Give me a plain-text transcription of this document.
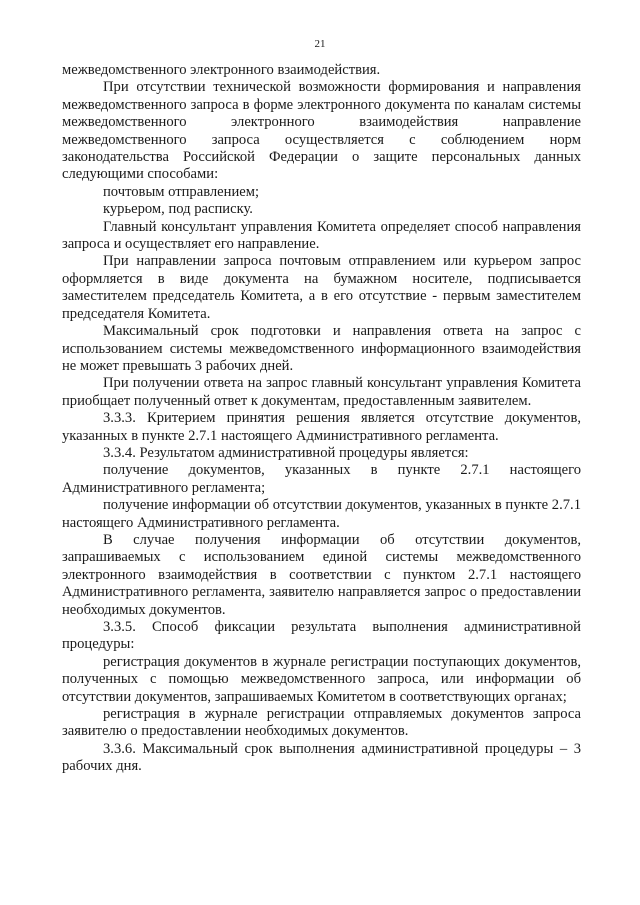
21

межведомственного электронного взаимодействия.

При отсутствии технической возможности формирования и направления межведомственного запроса в форме электронного документа по каналам системы межведомственного электронного взаимодействия направление межведомственного запроса осуществляется с соблюдением норм законодательства Российской Федерации о защите персональных данных следующими способами:

почтовым отправлением;

курьером, под расписку.

Главный консультант управления Комитета определяет способ направления запроса и осуществляет его направление.

При направлении запроса почтовым отправлением или курьером запрос оформляется в виде документа на бумажном носителе, подписывается заместителем председатель Комитета, а в его отсутствие - первым заместителем председателя Комитета.

Максимальный срок подготовки и направления ответа на запрос с использованием системы межведомственного информационного взаимодействия не может превышать 3 рабочих дней.

При получении ответа на запрос главный консультант управления Комитета приобщает полученный ответ к документам, предоставленным заявителем.

3.3.3. Критерием принятия решения является отсутствие документов, указанных в пункте 2.7.1 настоящего Административного регламента.

3.3.4. Результатом административной процедуры является:

получение документов, указанных в пункте 2.7.1 настоящего Административного регламента;

получение информации об отсутствии документов, указанных в пункте 2.7.1 настоящего Административного регламента.

В случае получения информации об отсутствии документов, запрашиваемых с использованием единой системы межведомственного электронного взаимодействия в соответствии с пунктом 2.7.1 настоящего Административного регламента, заявителю направляется запрос о предоставлении необходимых документов.

3.3.5. Способ фиксации результата выполнения административной процедуры:

регистрация документов в журнале регистрации поступающих документов, полученных с помощью межведомственного запроса, или информации об отсутствии документов, запрашиваемых Комитетом в соответствующих органах;

регистрация в журнале регистрации отправляемых документов запроса заявителю о предоставлении необходимых документов.

3.3.6. Максимальный срок выполнения административной процедуры – 3 рабочих дня.
